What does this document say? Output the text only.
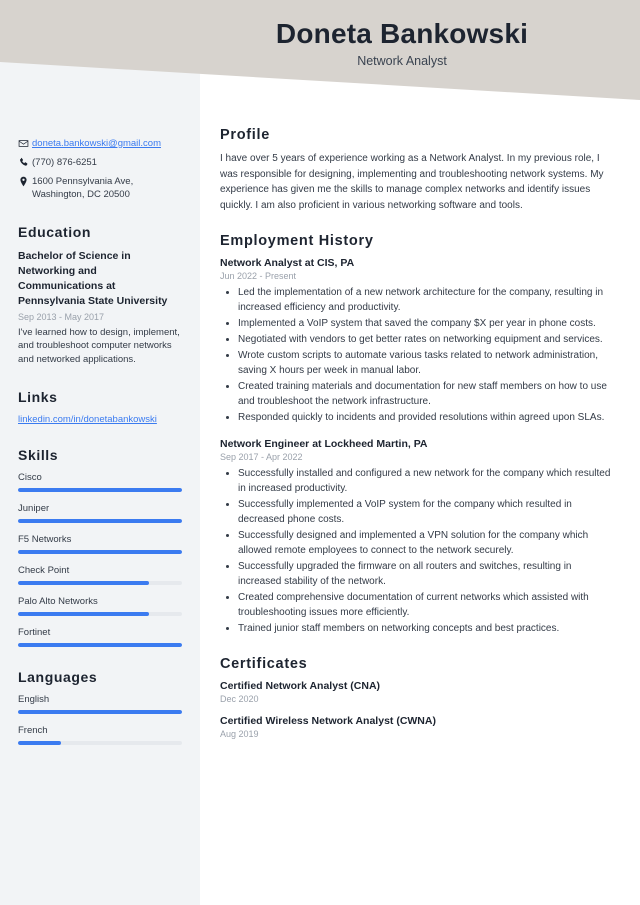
Doneta Bankowski
Network Analyst
doneta.bankowski@gmail.com
(770) 876-6251
1600 Pennsylvania Ave,
Washington, DC 20500
Education
Bachelor of Science in Networking and Communications at Pennsylvania State University
Sep 2013 - May 2017
I've learned how to design, implement, and troubleshoot computer networks and networked applications.
Links
linkedin.com/in/donetabankowski
Skills
Cisco
Juniper
F5 Networks
Check Point
Palo Alto Networks
Fortinet
Languages
English
French
Profile
I have over 5 years of experience working as a Network Analyst. In my previous role, I was responsible for designing, implementing and troubleshooting network systems. My experience has given me the skills to manage complex networks and identify issues quickly. I am also proficient in various networking software and tools.
Employment History
Network Analyst at CIS, PA
Jun 2022 - Present
• Led the implementation of a new network architecture for the company, resulting in increased efficiency and productivity.
• Implemented a VoIP system that saved the company $X per year in phone costs.
• Negotiated with vendors to get better rates on networking equipment and services.
• Wrote custom scripts to automate various tasks related to network administration, saving X hours per week in manual labor.
• Created training materials and documentation for new staff members on how to use and troubleshoot the network infrastructure.
• Responded quickly to incidents and provided resolutions within agreed upon SLAs.
Network Engineer at Lockheed Martin, PA
Sep 2017 - Apr 2022
• Successfully installed and configured a new network for the company which resulted in increased productivity.
• Successfully implemented a VoIP system for the company which resulted in decreased phone costs.
• Successfully designed and implemented a VPN solution for the company which allowed remote employees to connect to the network securely.
• Successfully upgraded the firmware on all routers and switches, resulting in increased stability of the network.
• Created comprehensive documentation of current networks which assisted with troubleshooting issues more efficiently.
• Trained junior staff members on networking concepts and best practices.
Certificates
Certified Network Analyst (CNA)
Dec 2020
Certified Wireless Network Analyst (CWNA)
Aug 2019
